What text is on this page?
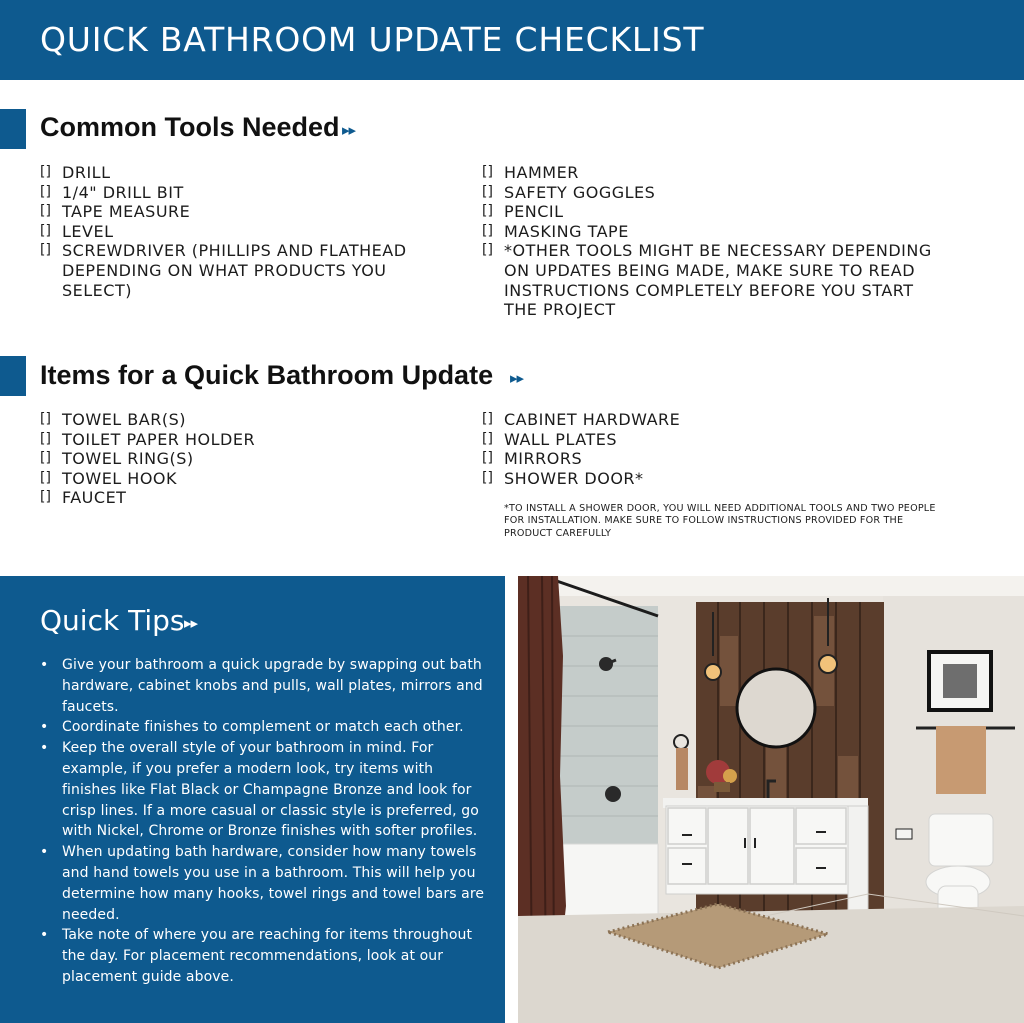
QUICK BATHROOM UPDATE CHECKLIST
Common Tools Needed ▸▸
[] DRILL
[] 1/4" DRILL BIT
[] TAPE MEASURE
[] LEVEL
[] SCREWDRIVER (PHILLIPS AND FLATHEAD DEPENDING ON WHAT PRODUCTS YOU SELECT)
[] HAMMER
[] SAFETY GOGGLES
[] PENCIL
[] MASKING TAPE
[] *OTHER TOOLS MIGHT BE NECESSARY DEPENDING ON UPDATES BEING MADE, MAKE SURE TO READ INSTRUCTIONS COMPLETELY BEFORE YOU START THE PROJECT
Items for a Quick Bathroom Update ▸▸
[] TOWEL BAR(S)
[] TOILET PAPER HOLDER
[] TOWEL RING(S)
[] TOWEL HOOK
[] FAUCET
[] CABINET HARDWARE
[] WALL PLATES
[] MIRRORS
[] SHOWER DOOR*
*TO INSTALL A SHOWER DOOR, YOU WILL NEED ADDITIONAL TOOLS AND TWO PEOPLE FOR INSTALLATION. MAKE SURE TO FOLLOW INSTRUCTIONS PROVIDED FOR THE PRODUCT CAREFULLY
Quick Tips ▸▸
• Give your bathroom a quick upgrade by swapping out bath hardware, cabinet knobs and pulls, wall plates, mirrors and faucets.
• Coordinate finishes to complement or match each other.
• Keep the overall style of your bathroom in mind. For example, if you prefer a modern look, try items with finishes like Flat Black or Champagne Bronze and look for crisp lines. If a more casual or classic style is preferred, go with Nickel, Chrome or Bronze finishes with softer profiles.
• When updating bath hardware, consider how many towels and hand towels you use in a bathroom. This will help you determine how many hooks, towel rings and towel bars are needed.
• Take note of where you are reaching for items throughout the day. For placement recommendations, look at our placement guide above.
